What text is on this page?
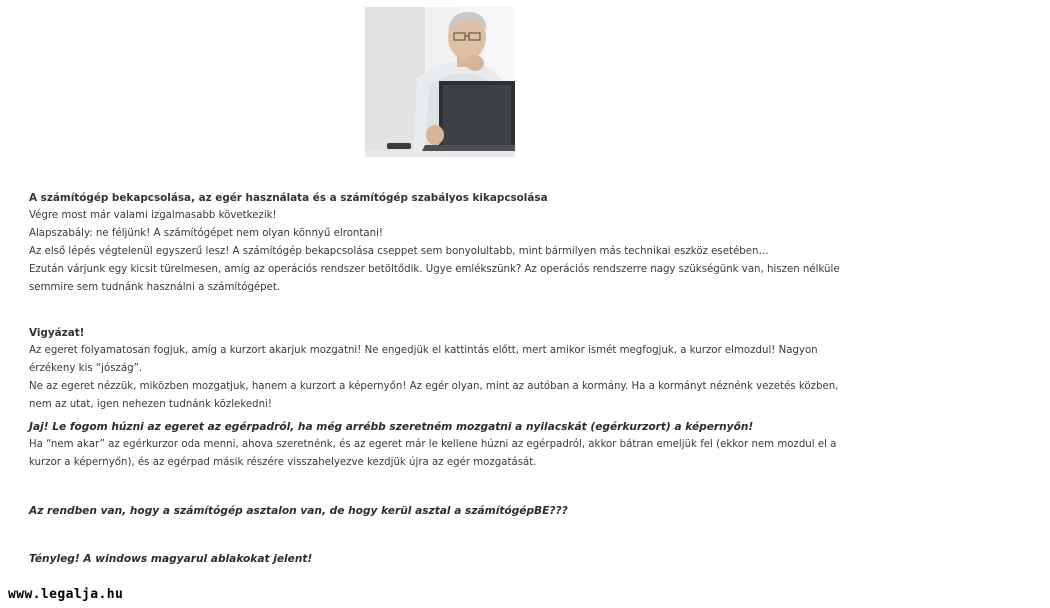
A számítógép bekapcsolása, az egér használata és a számítógép szabályos kikapcsolása

Végre most már valami izgalmasabb következik!

Alapszabály: ne féljünk! A számítógépet nem olyan könnyű elrontani!

Az első lépés végtelenül egyszerű lesz! A számítógép bekapcsolása cseppet sem bonyolultabb, mint bármilyen más technikai eszköz esetében…

Ezután várjunk egy kicsit türelmesen, amíg az operációs rendszer betöltődik. Ugye emlékszünk? Az operációs rendszerre nagy szükségünk van, hiszen nélküle semmire sem tudnánk használni a számítógépet.

Vigyázat!

Az egeret folyamatosan fogjuk, amíg a kurzort akarjuk mozgatni! Ne engedjük el kattintás előtt, mert amikor ismét megfogjuk, a kurzor elmozdul! Nagyon érzékeny kis “jószág”.

Ne az egeret nézzük, miközben mozgatjuk, hanem a kurzort a képernyőn! Az egér olyan, mint az autóban a kormány. Ha a kormányt néznénk vezetés közben, nem az utat, igen nehezen tudnánk közlekedni!

Jaj! Le fogom húzni az egeret az egérpadról, ha még arrébb szeretném mozgatni a nyilacskát (egérkurzort) a képernyőn!

Ha “nem akar” az egérkurzor oda menni, ahova szeretnénk, és az egeret már le kellene húzni az egérpadról, akkor bátran emeljük fel (ekkor nem mozdul el a kurzor a képernyőn), és az egérpad másik részére visszahelyezve kezdjük újra az egér mozgatását.

Az rendben van, hogy a számítógép asztalon van, de hogy kerül asztal a számítógépBE???

Tényleg! A windows magyarul ablakokat jelent!

www.legalja.hu
